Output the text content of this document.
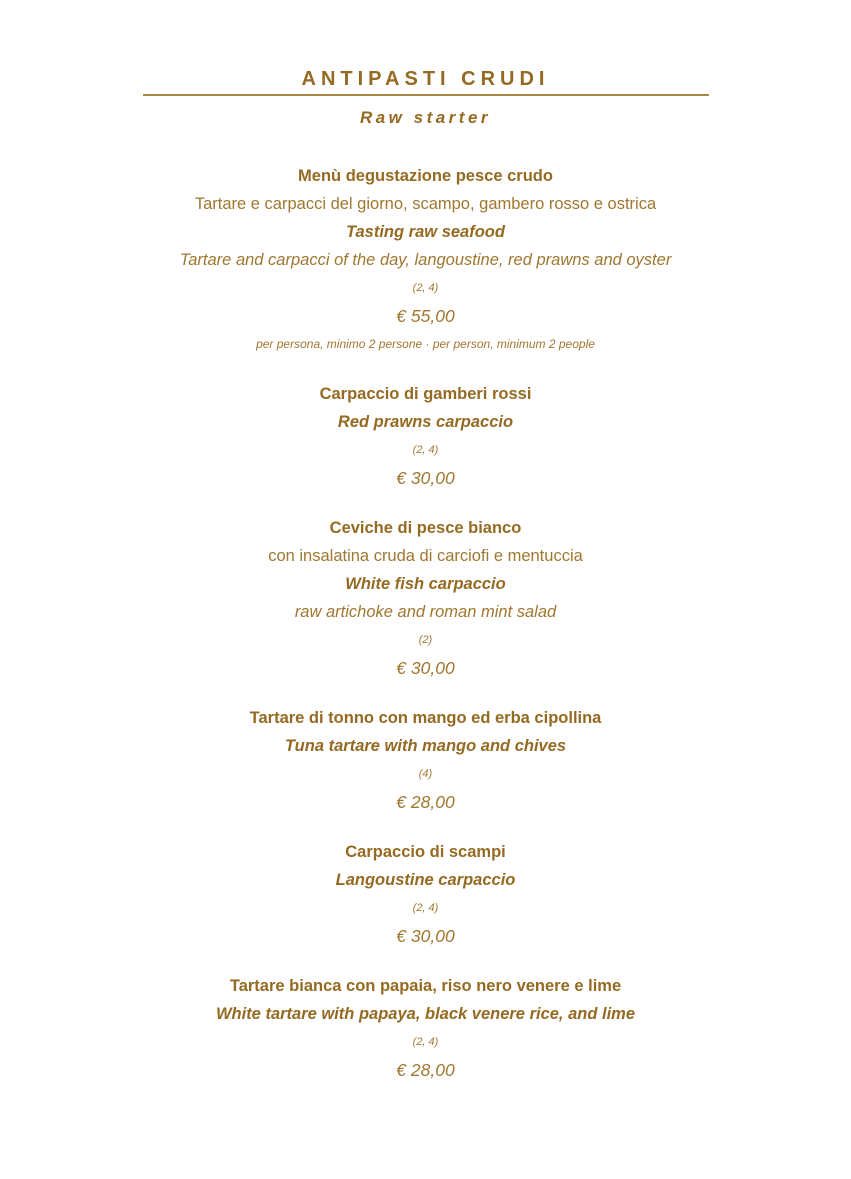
ANTIPASTI CRUDI
Raw starter
Menù degustazione pesce crudo
Tartare e carpacci del giorno, scampo, gambero rosso e ostrica
Tasting raw seafood
Tartare and carpacci of the day, langoustine, red prawns and oyster
(2, 4)
€ 55,00
per persona, minimo 2 persone · per person, minimum 2 people
Carpaccio di gamberi rossi
Red prawns carpaccio
(2, 4)
€ 30,00
Ceviche di pesce bianco
con insalatina cruda di carciofi e mentuccia
White fish carpaccio
raw artichoke and roman mint salad
(2)
€ 30,00
Tartare di tonno con mango ed erba cipollina
Tuna tartare with mango and chives
(4)
€ 28,00
Carpaccio di scampi
Langoustine carpaccio
(2, 4)
€ 30,00
Tartare bianca con papaia, riso nero venere e lime
White tartare with papaya, black venere rice, and lime
(2, 4)
€ 28,00
